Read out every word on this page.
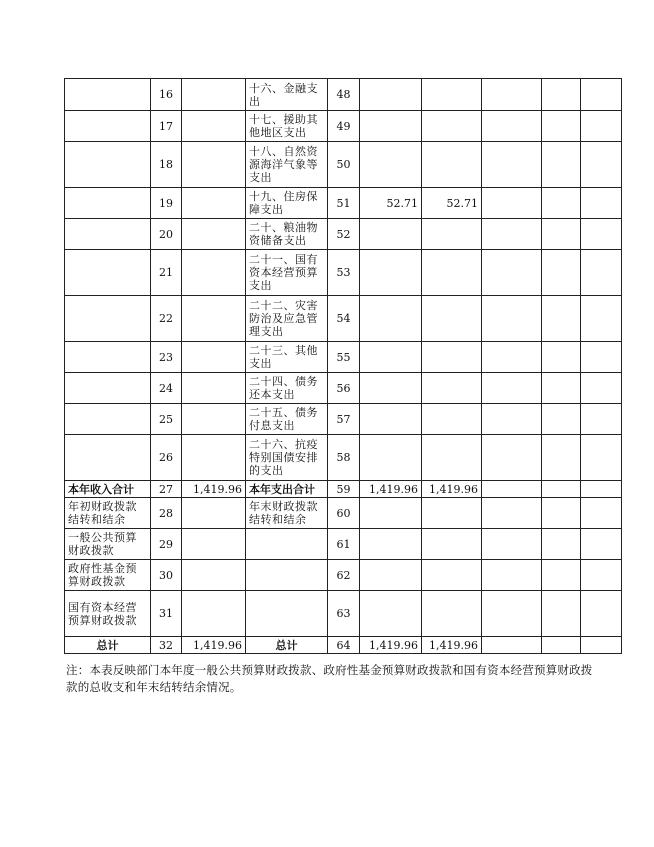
	16		十六、金融支出	48					
	17		十七、援助其他地区支出	49					
	18		十八、自然资源海洋气象等支出	50					
	19		十九、住房保障支出	51	52.71	52.71			
	20		二十、粮油物资储备支出	52					
	21		二十一、国有资本经营预算支出	53					
	22		二十二、灾害防治及应急管理支出	54					
	23		二十三、其他支出	55					
	24		二十四、债务还本支出	56					
	25		二十五、债务付息支出	57					
	26		二十六、抗疫特别国债安排的支出	58					
本年收入合计	27	1,419.96	本年支出合计	59	1,419.96	1,419.96			
年初财政拨款结转和结余	28		年末财政拨款结转和结余	60					
一般公共预算财政拨款	29			61					
政府性基金预算财政拨款	30			62					
国有资本经营预算财政拨款	31			63					
总计	32	1,419.96	总计	64	1,419.96	1,419.96			
注：本表反映部门本年度一般公共预算财政拨款、政府性基金预算财政拨款和国有资本经营预算财政拨款的总收支和年末结转结余情况。
